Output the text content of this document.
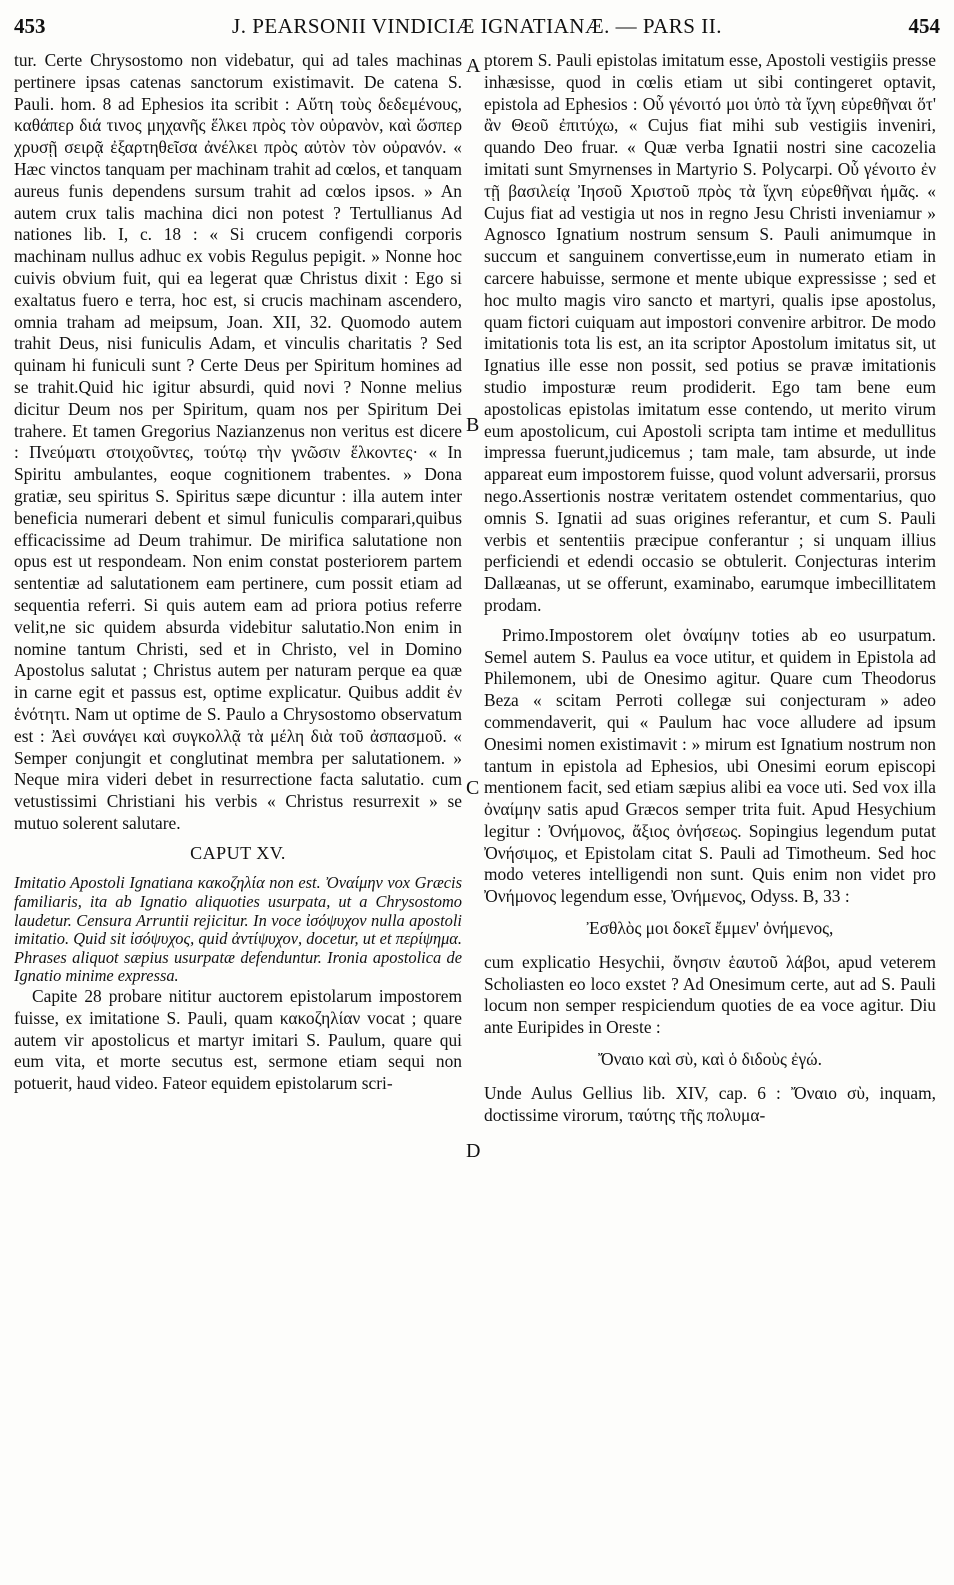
453	J. PEARSONII VINDICIÆ IGNATIANÆ. — PARS II.	454

tur. Certe Chrysostomo non videbatur, qui ad tales machinas pertinere ipsas catenas sanctorum existimavit. De catena S. Pauli. hom. 8 ad Ephesios ita scribit : Αὕτη τοὺς δεδεμένους, καθάπερ διά τινος μηχανῆς ἕλκει πρὸς τὸν οὐρανὸν, καὶ ὥσπερ χρυσῇ σειρᾷ ἐξαρτηθεῖσα ἀνέλκει πρὸς αὐτὸν τὸν οὐρανόν. « Hæc vinctos tanquam per machinam trahit ad cœlos, et tanquam aureus funis dependens sursum trahit ad cœlos ipsos. » An autem crux talis machina dici non potest ? Tertullianus Ad nationes lib. I, c. 18 : « Si crucem configendi corporis machinam nullus adhuc ex vobis Regulus pepigit. » Nonne hoc cuivis obvium fuit, qui ea legerat quæ Christus dixit : Ego si exaltatus fuero e terra, hoc est, si crucis machinam ascendero, omnia traham ad meipsum, Joan. XII, 32. Quomodo autem trahit Deus, nisi funiculis Adam, et vinculis charitatis ? Sed quinam hi funiculi sunt ? Certe Deus per Spiritum homines ad se trahit.Quid hic igitur absurdi, quid novi ? Nonne melius dicitur Deum nos per Spiritum, quam nos per Spiritum Dei trahere. Et tamen Gregorius Nazianzenus non veritus est dicere : Πνεύματι στοιχοῦντες, τούτῳ τὴν γνῶσιν ἕλκοντες· « In Spiritu ambulantes, eoque cognitionem trabentes. » Dona gratiæ, seu spiritus S. Spiritus sæpe dicuntur : illa autem inter beneficia numerari debent et simul funiculis comparari,quibus efficacissime ad Deum trahimur. De mirifica salutatione non opus est ut respondeam. Non enim constat posteriorem partem sententiæ ad salutationem eam pertinere, cum possit etiam ad sequentia referri. Si quis autem eam ad priora potius referre velit,ne sic quidem absurda videbitur salutatio.Non enim in nomine tantum Christi, sed et in Christo, vel in Domino Apostolus salutat ; Christus autem per naturam perque ea quæ in carne egit et passus est, optime explicatur. Quibus addit ἐν ἑνότητι. Nam ut optime de S. Paulo a Chrysostomo observatum est : Ἀεὶ συνάγει καὶ συγκολλᾷ τὰ μέλη διὰ τοῦ ἀσπασμοῦ. « Semper conjungit et conglutinat membra per salutationem. » Neque mira videri debet in resurrectione facta salutatio. cum vetustissimi Christiani his verbis « Christus resurrexit » se mutuo solerent salutare.

CAPUT XV.

Imitatio Apostoli Ignatiana κακοζηλία non est. Ὀναίμην vox Græcis familiaris, ita ab Ignatio aliquoties usurpata, ut a Chrysostomo laudetur. Censura Arruntii rejicitur. In voce ἰσόψυχον nulla apostoli imitatio. Quid sit ἰσόψυχος, quid ἀντίψυχον, docetur, ut et περίψημα. Phrases aliquot sæpius usurpatæ defenduntur. Ironia apostolica de Ignatio minime expressa.

Capite 28 probare nititur auctorem epistolarum impostorem fuisse, ex imitatione S. Pauli, quam κακοζηλίαν vocat ; quare autem vir apostolicus et martyr imitari S. Paulum, quare qui eum vita, et morte secutus est, sermone etiam sequi non potuerit, haud video. Fateor equidem epistolarum scri-

ptorem S. Pauli epistolas imitatum esse, Apostoli vestigiis presse inhæsisse, quod in cœlis etiam ut sibi contingeret optavit, epistola ad Ephesios : Οὗ γένοιτό μοι ὑπὸ τὰ ἴχνη εὑρεθῆναι ὅτ' ἂν Θεοῦ ἐπιτύχω, « Cujus fiat mihi sub vestigiis inveniri, quando Deo fruar. « Quæ verba Ignatii nostri sine cacozelia imitati sunt Smyrnenses in Martyrio S. Polycarpi. Οὗ γένοιτο ἐν τῇ βασιλείᾳ Ἰησοῦ Χριστοῦ πρὸς τὰ ἴχνη εὑρεθῆναι ἡμᾶς. « Cujus fiat ad vestigia ut nos in regno Jesu Christi inveniamur » Agnosco Ignatium nostrum sensum S. Pauli animumque in succum et sanguinem convertisse,eum in numerato etiam in carcere habuisse, sermone et mente ubique expressisse ; sed et hoc multo magis viro sancto et martyri, qualis ipse apostolus, quam fictori cuiquam aut impostori convenire arbitror. De modo imitationis tota lis est, an ita scriptor Apostolum imitatus sit, ut Ignatius ille esse non possit, sed potius se pravæ imitationis studio imposturæ reum prodiderit. Ego tam bene eum apostolicas epistolas imitatum esse contendo, ut merito virum eum apostolicum, cui Apostoli scripta tam intime et medullitus impressa fuerunt,judicemus ; tam male, tam absurde, ut inde appareat eum impostorem fuisse, quod volunt adversarii, prorsus nego.Assertionis nostræ veritatem ostendet commentarius, quo omnis S. Ignatii ad suas origines referantur, et cum S. Pauli verbis et sententiis præcipue conferantur ; si unquam illius perficiendi et edendi occasio se obtulerit. Conjecturas interim Dallæanas, ut se offerunt, examinabo, earumque imbecillitatem prodam.

Primo.Impostorem olet ὀναίμην toties ab eo usurpatum. Semel autem S. Paulus ea voce utitur, et quidem in Epistola ad Philemonem, ubi de Onesimo agitur. Quare cum Theodorus Beza « scitam Perroti collegæ sui conjecturam » adeo commendaverit, qui « Paulum hac voce alludere ad ipsum Onesimi nomen existimavit : » mirum est Ignatium nostrum non tantum in epistola ad Ephesios, ubi Onesimi eorum episcopi mentionem facit, sed etiam sæpius alibi ea voce uti. Sed vox illa ὀναίμην satis apud Græcos semper trita fuit. Apud Hesychium legitur : Ὀνήμονος, ἄξιος ὀνήσεως. Sopingius legendum putat Ὀνήσιμος, et Epistolam citat S. Pauli ad Timotheum. Sed hoc modo veteres intelligendi non sunt. Quis enim non videt pro Ὀνήμονος legendum esse, Ὀνήμενος, Odyss. B, 33 :

Ἐσθλὸς μοι δοκεῖ ἔμμεν' ὀνήμενος,

cum explicatio Hesychii, ὄνησιν ἑαυτοῦ λάβοι, apud veterem Scholiasten eo loco exstet ? Ad Onesimum certe, aut ad S. Pauli locum non semper respiciendum quoties de ea voce agitur. Diu ante Euripides in Oreste :

Ὄναιο καὶ σὺ, καὶ ὁ διδοὺς ἐγώ.

Unde Aulus Gellius lib. XIV, cap. 6 : Ὄναιο σὺ, inquam, doctissime virorum, ταύτης τῆς πολυμα-

A
B
C
D
